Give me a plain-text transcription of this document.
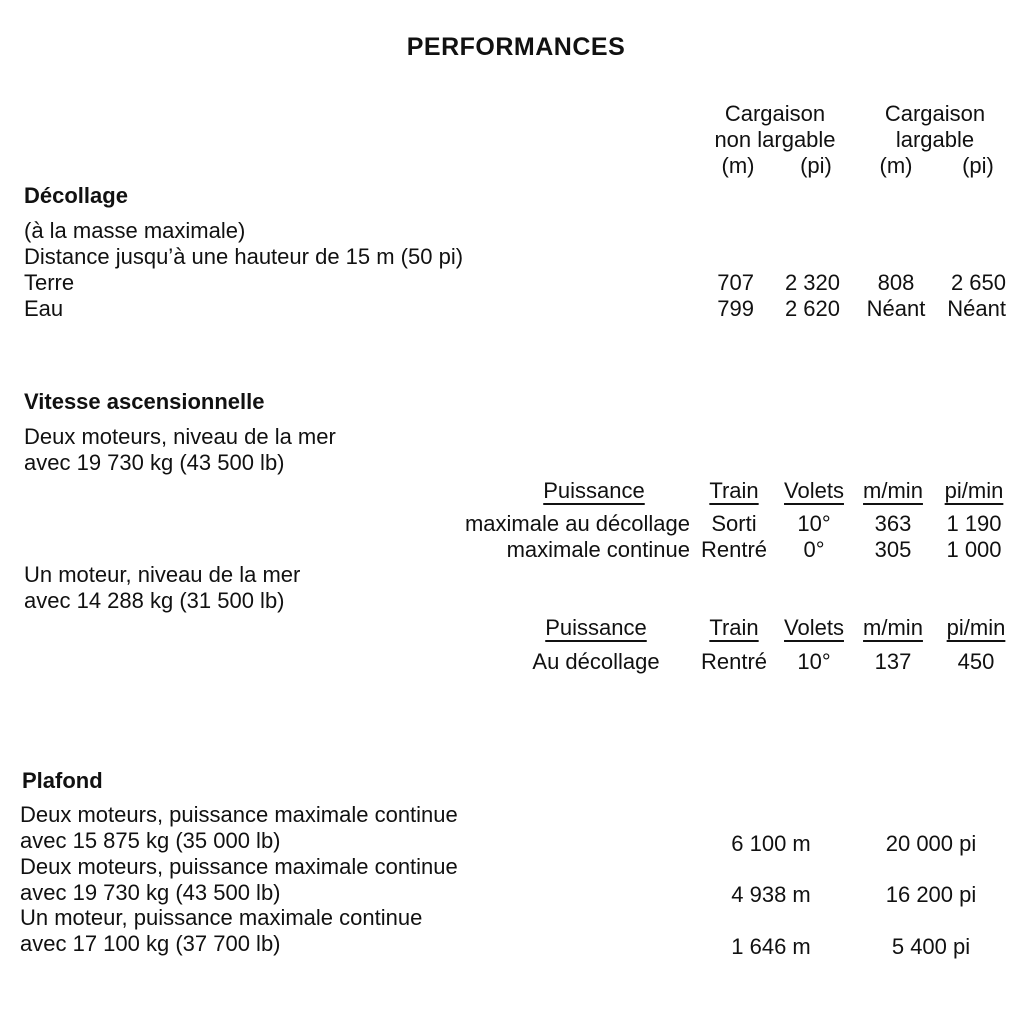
PERFORMANCES
Cargaison
non largable
Cargaison
largable
(m)	(pi)	(m)	(pi)
Décollage
(à la masse maximale)
Distance jusqu’à une hauteur de 15 m (50 pi)
Terre	707	2 320	808	2 650
Eau	799	2 620 Néant Néant
Vitesse ascensionnelle
Deux moteurs, niveau de la mer
avec 19 730 kg (43 500 lb)
Puissance	Train	Volets m/min pi/min
maximale au décollage Sorti	10°	363	1 190
maximale continue Rentré	0°	305	1 000
Un moteur, niveau de la mer
avec 14 288 kg (31 500 lb)
Puissance	Train	Volets m/min	pi/min
Au décollage	Rentré	10°	137	450
Plafond
Deux moteurs, puissance maximale continue
avec 15 875 kg (35 000 lb)	6 100 m	20 000 pi
Deux moteurs, puissance maximale continue
avec 19 730 kg (43 500 lb)	4 938 m	16 200 pi
Un moteur, puissance maximale continue
avec 17 100 kg (37 700 lb)	1 646 m	5 400 pi
